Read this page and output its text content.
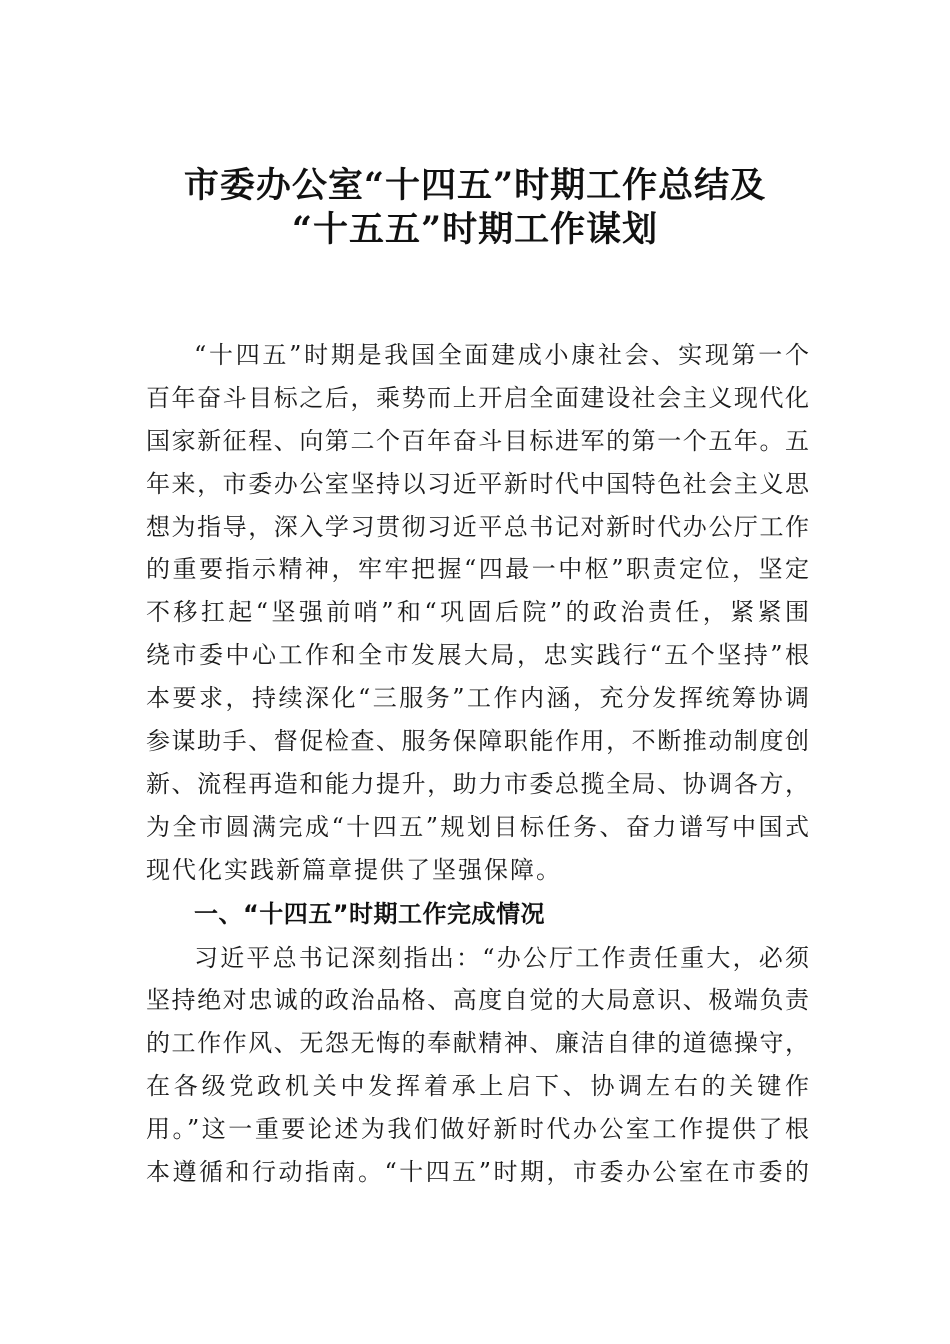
市委办公室“十四五”时期工作总结及
“十五五”时期工作谋划
“十四五”时期是我国全面建成小康社会、实现第一个
百年奋斗目标之后，乘势而上开启全面建设社会主义现代化
国家新征程、向第二个百年奋斗目标进军的第一个五年。五
年来，市委办公室坚持以习近平新时代中国特色社会主义思
想为指导，深入学习贯彻习近平总书记对新时代办公厅工作
的重要指示精神，牢牢把握“四最一中枢”职责定位，坚定
不移扛起“坚强前哨”和“巩固后院”的政治责任，紧紧围
绕市委中心工作和全市发展大局，忠实践行“五个坚持”根
本要求，持续深化“三服务”工作内涵，充分发挥统筹协调
参谋助手、督促检查、服务保障职能作用，不断推动制度创
新、流程再造和能力提升，助力市委总揽全局、协调各方，
为全市圆满完成“十四五”规划目标任务、奋力谱写中国式
现代化实践新篇章提供了坚强保障。
一、“十四五”时期工作完成情况
习近平总书记深刻指出：“办公厅工作责任重大，必须
坚持绝对忠诚的政治品格、高度自觉的大局意识、极端负责
的工作作风、无怨无悔的奉献精神、廉洁自律的道德操守，
在各级党政机关中发挥着承上启下、协调左右的关键作
用。”这一重要论述为我们做好新时代办公室工作提供了根
本遵循和行动指南。“十四五”时期，市委办公室在市委的
